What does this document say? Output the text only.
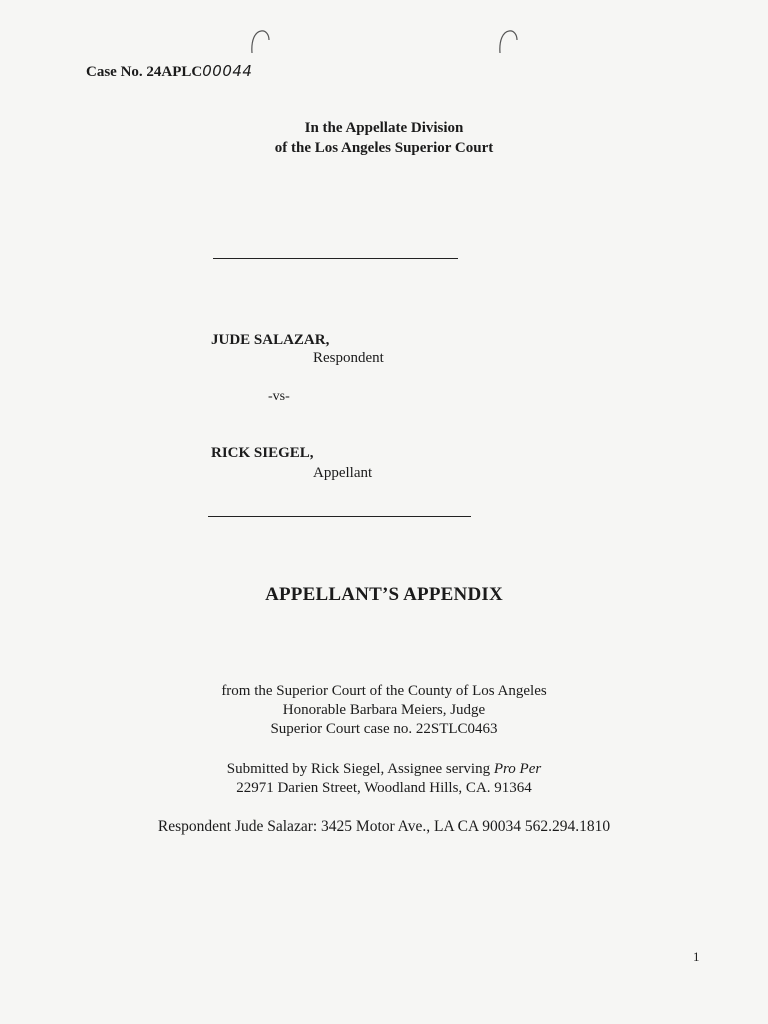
Case No. 24APLC00044
In the Appellate Division
of the Los Angeles Superior Court
JUDE SALAZAR,
Respondent
-vs-
RICK SIEGEL,
Appellant
APPELLANT’S APPENDIX
from the Superior Court of the County of Los Angeles
Honorable Barbara Meiers, Judge
Superior Court case no. 22STLC0463
Submitted by Rick Siegel, Assignee serving Pro Per
22971 Darien Street, Woodland Hills, CA. 91364
Respondent Jude Salazar: 3425 Motor Ave., LA CA 90034 562.294.1810
1
